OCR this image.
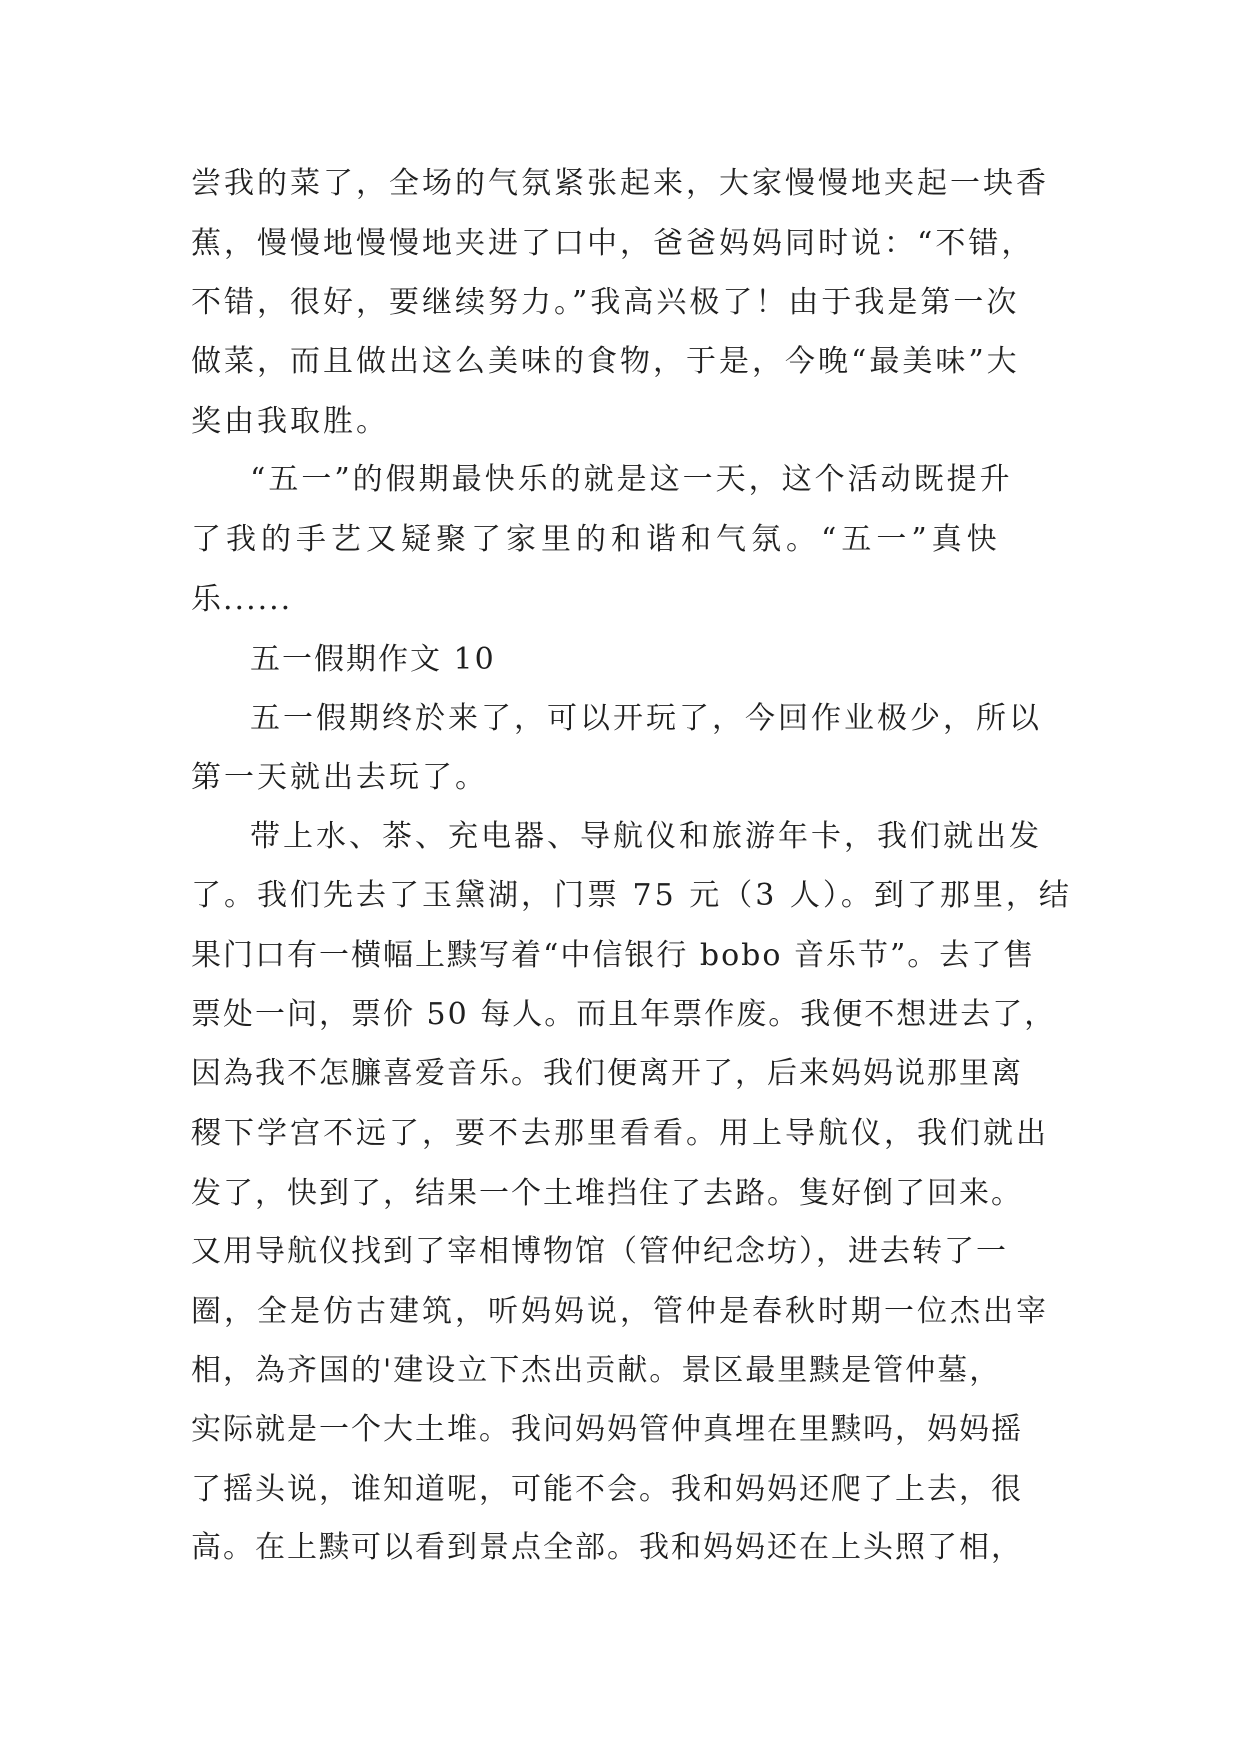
尝我的菜了，全场的气氛紧张起来，大家慢慢地夹起一块香
蕉，慢慢地慢慢地夹进了口中，爸爸妈妈同时说：“不错，
不错，很好，要继续努力。”我高兴极了！由于我是第一次
做菜，而且做出这么美味的食物，于是，今晚“最美味”大
奖由我取胜。
“五一”的假期最快乐的就是这一天，这个活动既提升
了我的手艺又疑聚了家里的和谐和气氛。“五一”真快
乐......
五一假期作文 10
五一假期终於来了，可以开玩了，今回作业极少，所以
第一天就出去玩了。
带上水、茶、充电器、导航仪和旅游年卡，我们就出发
了。我们先去了玉黛湖，门票 75 元（3 人）。到了那里，结
果门口有一横幅上黩写着“中信银行 bobo 音乐节”。去了售
票处一问，票价 50 每人。而且年票作废。我便不想进去了，
因為我不怎臁喜爱音乐。我们便离开了，后来妈妈说那里离
稷下学宫不远了，要不去那里看看。用上导航仪，我们就出
发了，快到了，结果一个土堆挡住了去路。隻好倒了回来。
又用导航仪找到了宰相博物馆（管仲纪念坊），进去转了一
圈，全是仿古建筑，听妈妈说，管仲是春秋时期一位杰出宰
相，為齐国的'建设立下杰出贡献。景区最里黩是管仲墓，
实际就是一个大土堆。我问妈妈管仲真埋在里黩吗，妈妈摇
了摇头说，谁知道呢，可能不会。我和妈妈还爬了上去，很
高。在上黩可以看到景点全部。我和妈妈还在上头照了相，
